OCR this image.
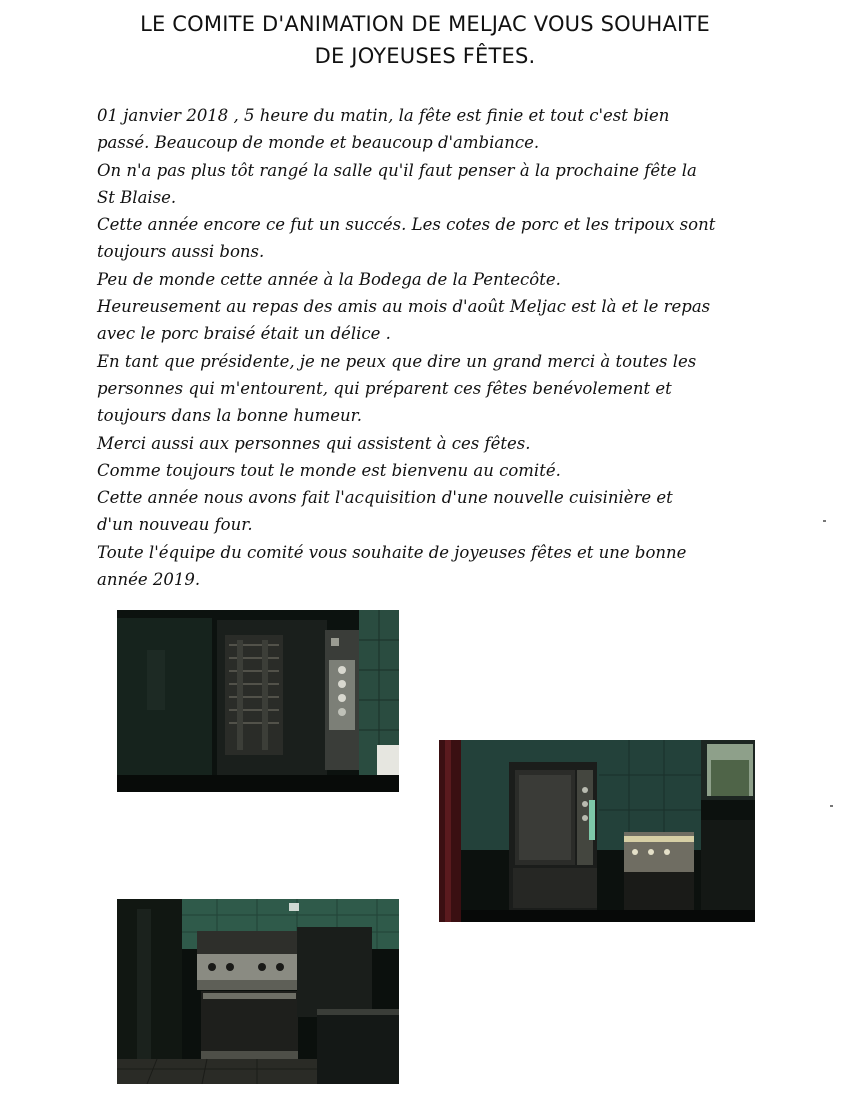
LE COMITE D'ANIMATION DE MELJAC VOUS SOUHAITE
DE JOYEUSES FÊTES.

01 janvier 2018 , 5 heure du matin, la fête est finie et tout c'est bien

passé. Beaucoup de monde et beaucoup d'ambiance.

On n'a pas plus tôt rangé la salle qu'il faut penser à la prochaine fête la

St Blaise.

Cette année encore ce fut un succés. Les cotes de porc et les tripoux sont

toujours aussi bons.

Peu de monde cette année à la Bodega de la Pentecôte.

Heureusement au repas des amis au mois d'août Meljac est là et le repas

avec le porc braisé était un délice .

En tant que présidente, je ne peux que dire un grand merci à toutes les

personnes qui m'entourent, qui préparent ces fêtes benévolement et

toujours dans la bonne humeur.

Merci aussi aux personnes qui assistent à ces fêtes.

Comme toujours tout le monde est bienvenu au comité.

Cette année nous avons fait l'acquisition d'une nouvelle cuisinière et

d'un nouveau four.

Toute l'équipe du comité vous souhaite de joyeuses fêtes et une bonne

année 2019.
